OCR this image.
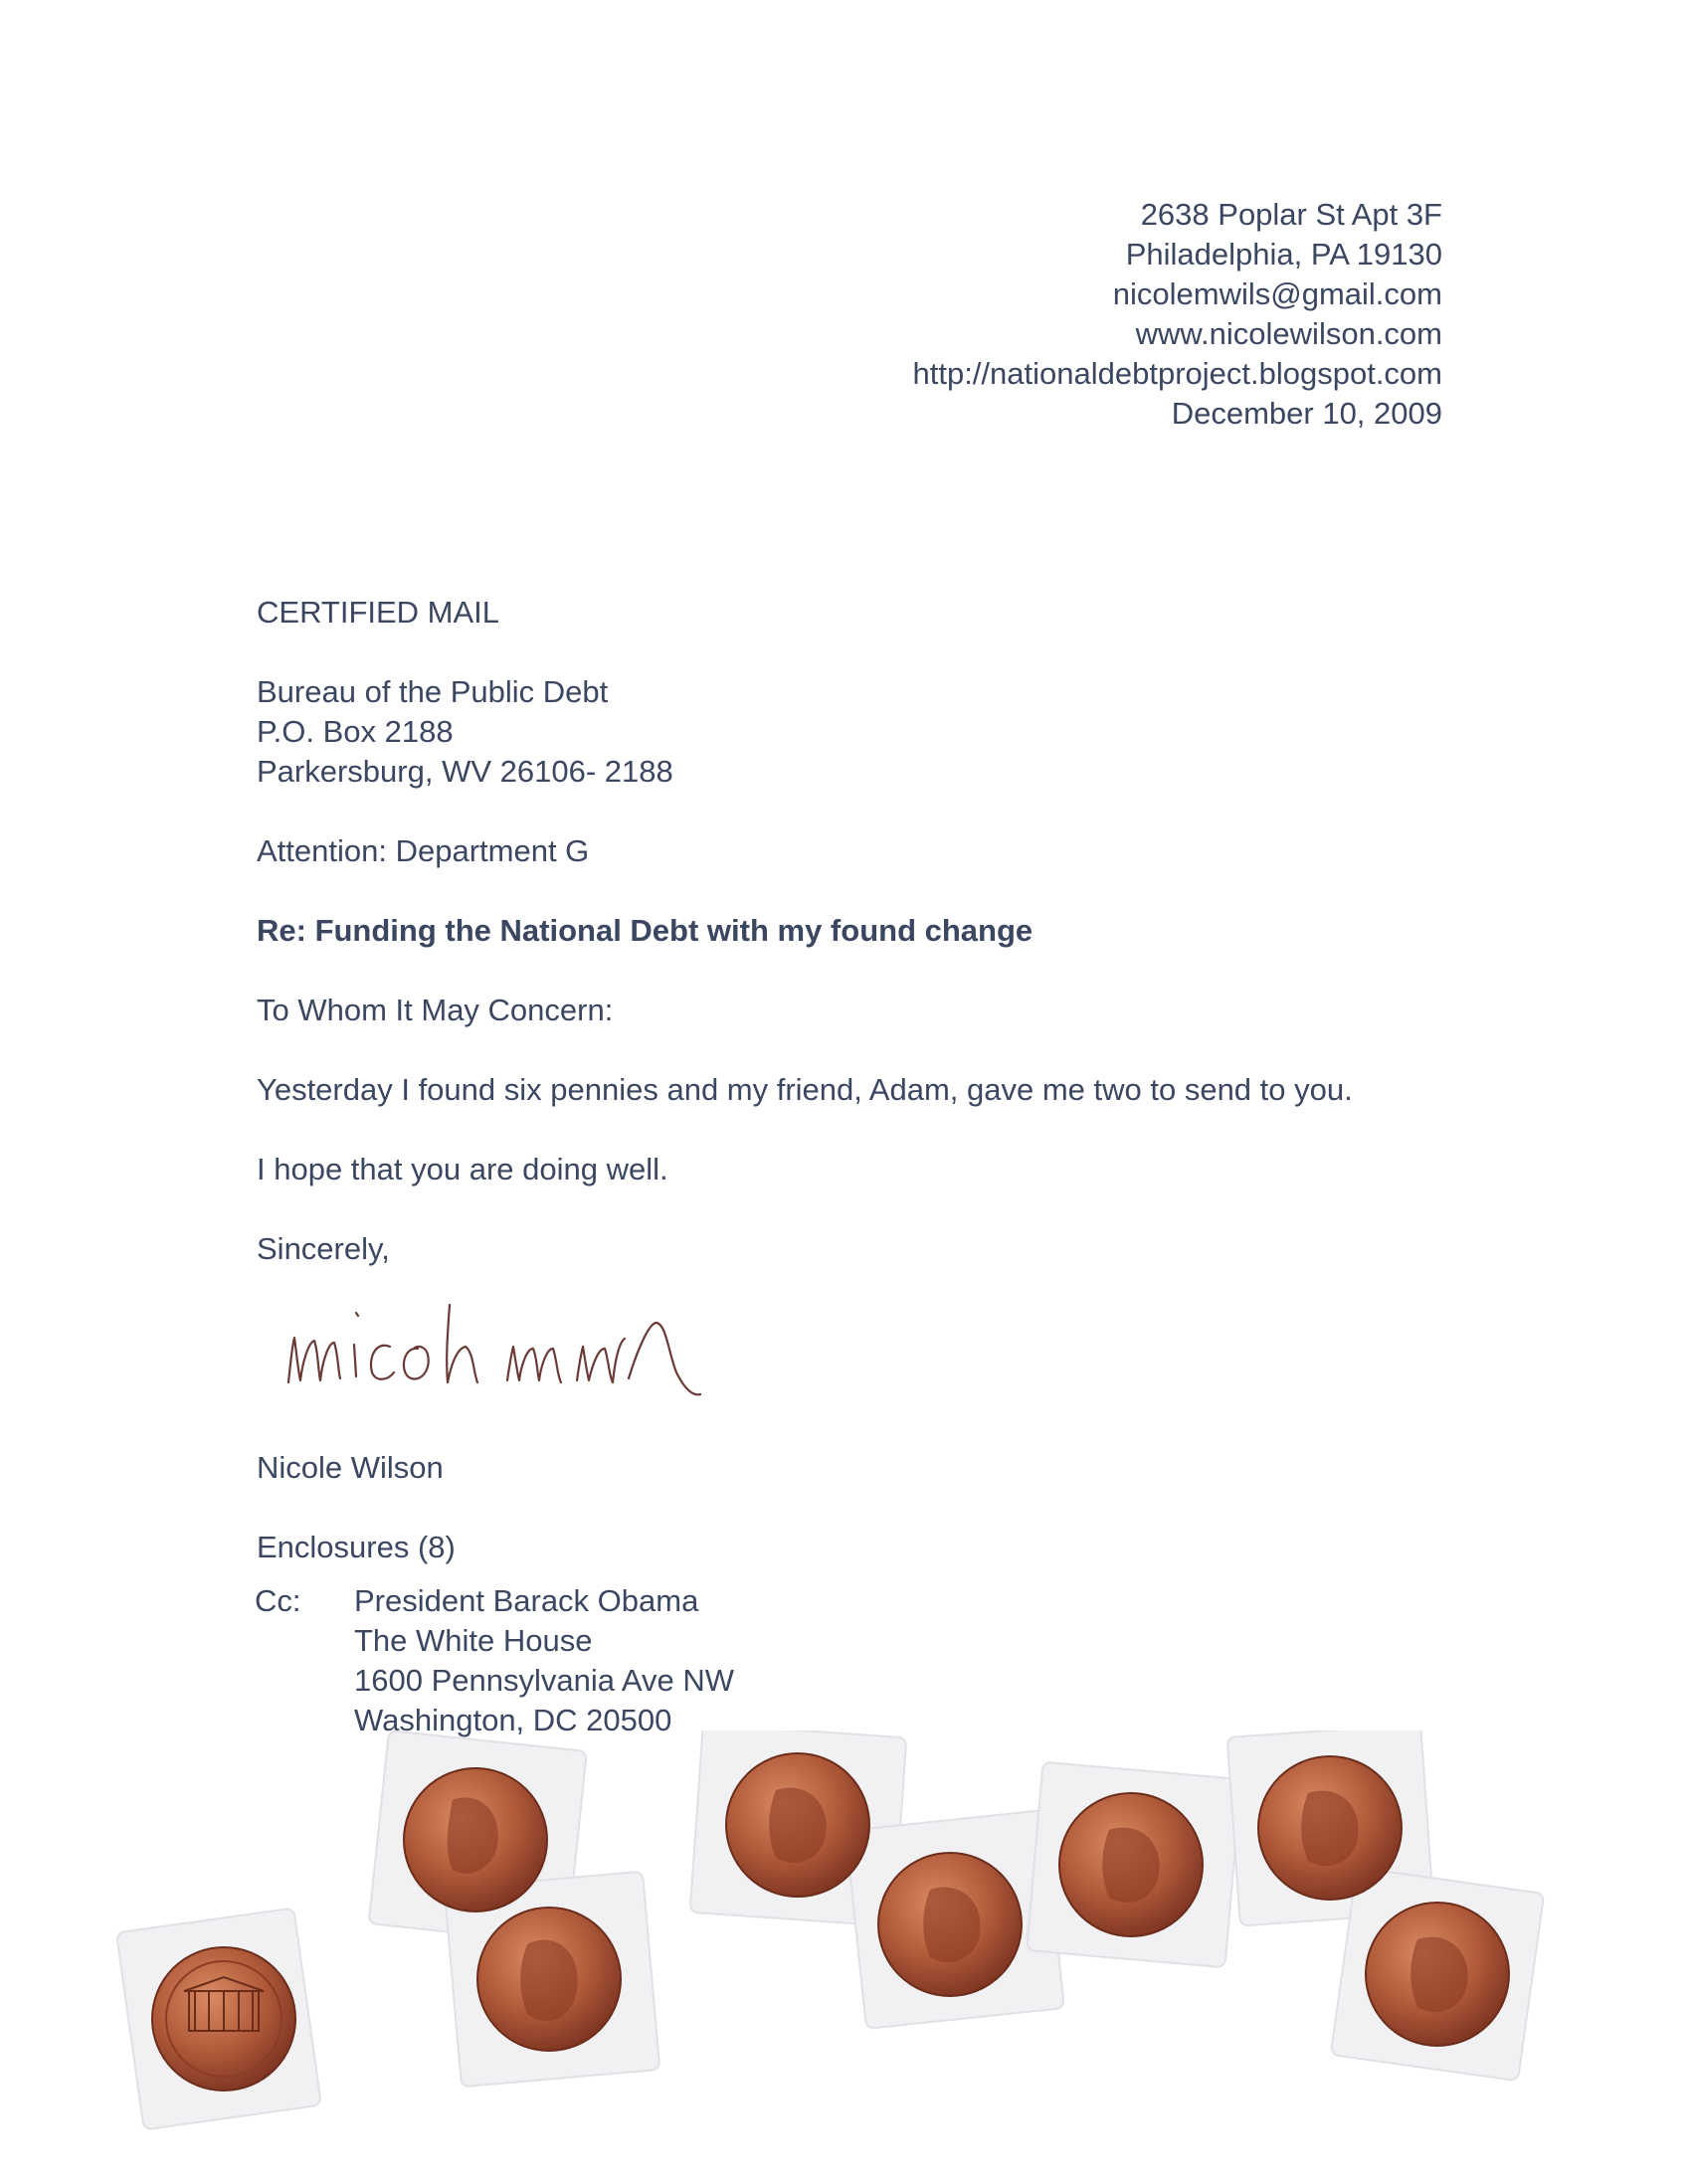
2638 Poplar St Apt 3F
Philadelphia, PA 19130
nicolemwils@gmail.com
www.nicolewilson.com
http://nationaldebtproject.blogspot.com
December 10, 2009
CERTIFIED MAIL
Bureau of the Public Debt
P.O. Box 2188
Parkersburg, WV 26106- 2188
Attention: Department G
Re: Funding the National Debt with my found change
To Whom It May Concern:
Yesterday I found six pennies and my friend, Adam, gave me two to send to you.
I hope that you are doing well.
Sincerely,
Nicole Wilson
Enclosures (8)
Cc: President Barack Obama
The White House
1600 Pennsylvania Ave NW
Washington, DC 20500
